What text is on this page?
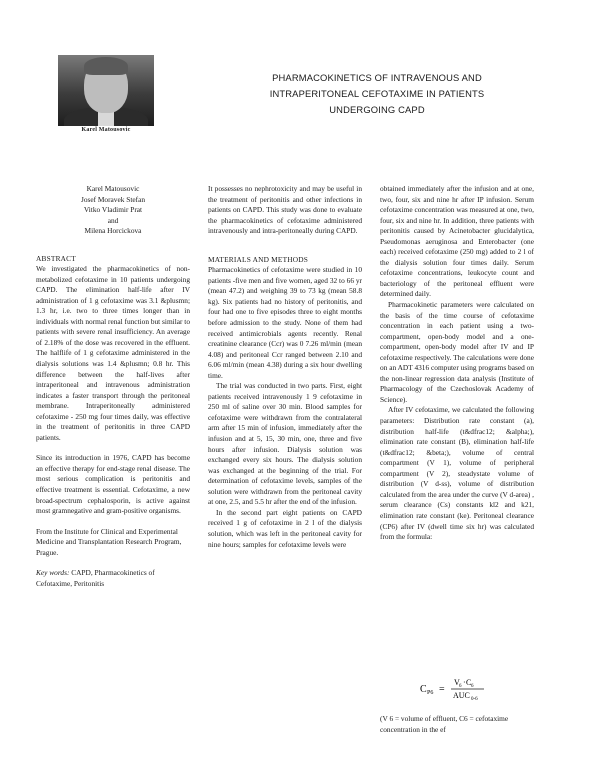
Karel Matousovic
PHARMACOKINETICS OF INTRAVENOUS AND
INTRAPERITONEAL CEFOTAXIME IN PATIENTS
UNDERGOING CAPD
Karel Matousovic
Josef Moravek Stefan
Vitko Vladimir Prat
and
Milena Horcickova

ABSTRACT

We investigated the pharmacokinetics of non-metabolized cefotaxime in 10 patients undergoing CAPD. The elimination half-life after IV administration of 1 g cefotaxime was 3.1 &plusmn; 1.3 hr, i.e. two to three times longer than in individuals with normal renal function but similar to patients with severe renal insufficiency. An average of 2.18% of the dose was recovered in the effluent. The halflife of 1 g cefotaxime administered in the dialysis solutions was 1.4 &plusmn; 0.8 hr. This difference between the half-lives after intraperitoneal and intravenous administration indicates a faster transport through the peritoneal membrane. Intraperitoneally administered cefotaxime - 250 mg four times daily, was effective in the treatment of peritonitis in three CAPD patients.

Since its introduction in 1976, CAPD has become an effective therapy for end-stage renal disease. The most serious complication is peritonitis and effective treatment is essential. Cefotaxime, a new broad-spectrum cephalosporin, is active against most gramnegative and gram-positive organisms.

From the Institute for Clinical and Experimental Medicine and Transplantation Research Program, Prague.

Key words: CAPD, Pharmacokinetics of Cefotaxime, Peritonitis

It possesses no nephrotoxicity and may be useful in the treatment of peritonitis and other infections in patients on CAPD. This study was done to evaluate the pharmacokinetics of cefotaxime administered intravenously and intra-peritoneally during CAPD.

MATERIALS AND METHODS

Pharmacokinetics of cefotaxime were studied in 10 patients -five men and five women, aged 32 to 66 yr (mean 47.2) and weighing 39 to 73 kg (mean 58.8 kg). Six patients had no history of peritonitis, and four had one to five episodes three to eight months before admission to the study. None of them had received antimicrobials agents recently. Renal creatinine clearance (Ccr) was 0 7.26 ml/min (mean 4.08) and peritoneal Ccr ranged between 2.10 and 6.06 ml/min (mean 4.38) during a six hour dwelling time.

The trial was conducted in two parts. First, eight patients received intravenously 1 9 cefotaxime in 250 ml of saline over 30 min. Blood samples for cefotaxime were withdrawn from the contralateral arm after 15 min of infusion, immediately after the infusion and at 5, 15, 30 min, one, three and five hours after infusion. Dialysis solution was exchanged every six hours. The dialysis solution was exchanged at the beginning of the trial. For determination of cefotaxime levels, samples of the solution were withdrawn from the peritoneal cavity at one, 2.5, and 5.5 hr after the end of the infusion.

In the second part eight patients on CAPD received 1 g of cefotaxime in 2 l of the dialysis solution, which was left in the peritoneal cavity for nine hours; samples for cefotaxime levels were

obtained immediately after the infusion and at one, two, four, six and nine hr after IP infusion. Serum cefotaxime concentration was measured at one, two, four, six and nine hr. In addition, three patients with peritonitis caused by Acinetobacter glucidalytica, Pseudomonas aeruginosa and Enterobacter (one each) received cefotaxime (250 mg) added to 2 l of the dialysis solution four times daily. Serum cefotaxime concentrations, leukocyte count and bacteriology of the peritoneal effluent were determined daily.

Pharmacokinetic parameters were calculated on the basis of the time course of cefotaxime concentration in each patient using a two-compartment, open-body model and a one-compartment, open-body model after IV and IP cefotaxime respectively. The calculations were done on an ADT 4316 computer using programs based on the non-linear regression data analysis (Institute of Pharmacology of the Czechoslovak Academy of Science).

After IV cefotaxime, we calculated the following parameters: Distribution rate constant (a), distribution half-life (t&dfrac12; &alpha;), elimination rate constant (B), elimination half-life (t&dfrac12; &beta;), volume of central compartment (V 1), volume of peripheral compartment (V 2), steadystate volume of distribution (V d-ss), volume of distribution calculated from the area under the curve (V d-area) , serum clearance (Cs) constants kl2 and k21, elimination rate constant (ke). Peritoneal clearance (CP6) after IV (dwell time six hr) was calculated from the formula:

C P6 =
V 6 · C 6
AUC 0-6
(V 6 = volume of effluent, C6 = cefotaxime concentration in the ef
